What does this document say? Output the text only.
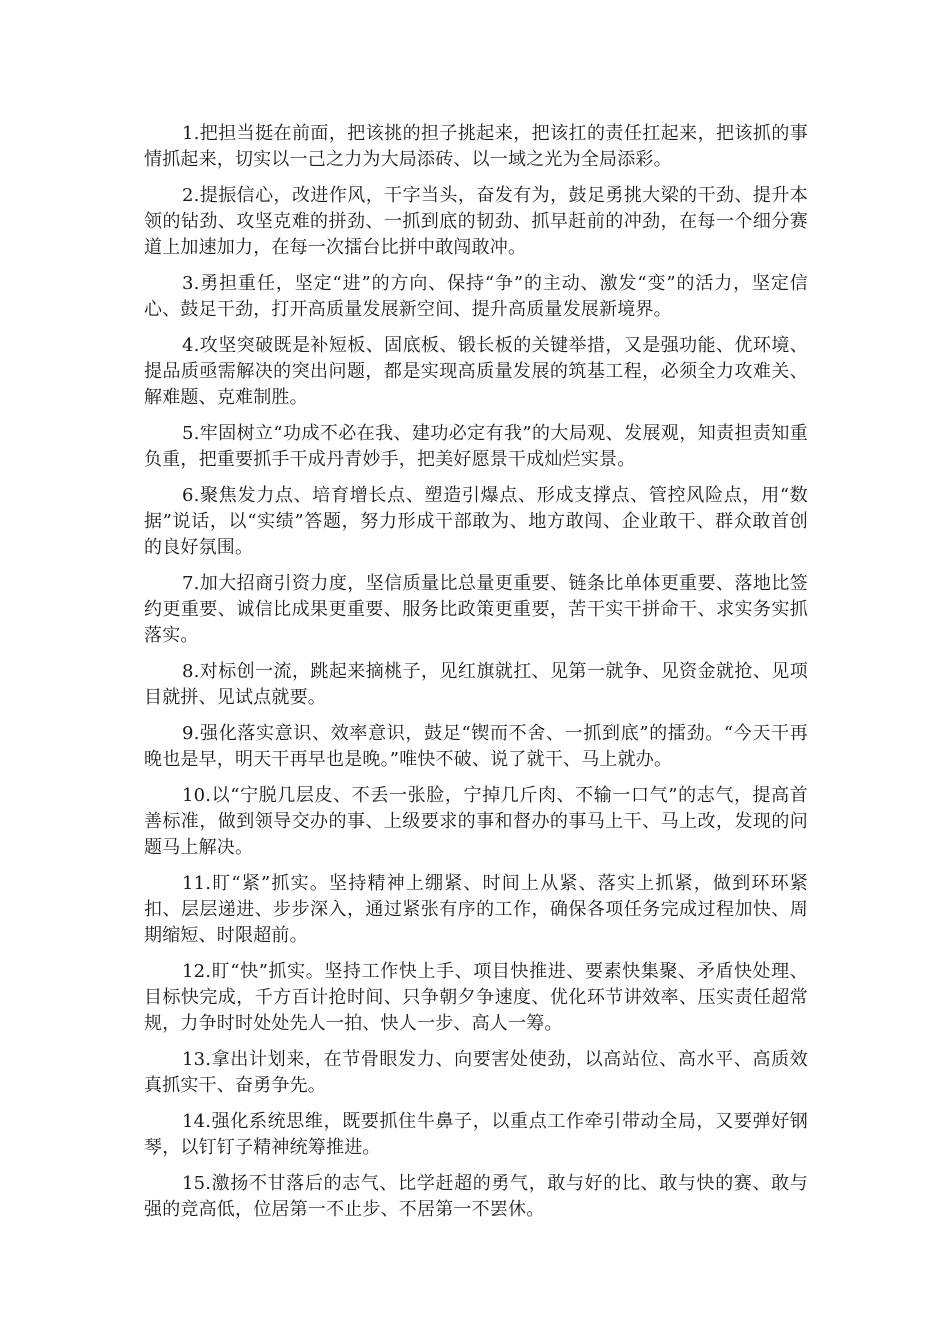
1.把担当挺在前面，把该挑的担子挑起来，把该扛的责任扛起来，把该抓的事情抓起来，切实以一己之力为大局添砖、以一域之光为全局添彩。

2.提振信心，改进作风，干字当头，奋发有为，鼓足勇挑大梁的干劲、提升本领的钻劲、攻坚克难的拼劲、一抓到底的韧劲、抓早赶前的冲劲，在每一个细分赛道上加速加力，在每一次擂台比拼中敢闯敢冲。

3.勇担重任，坚定“进”的方向、保持“争”的主动、激发“变”的活力，坚定信心、鼓足干劲，打开高质量发展新空间、提升高质量发展新境界。

4.攻坚突破既是补短板、固底板、锻长板的关键举措，又是强功能、优环境、提品质亟需解决的突出问题，都是实现高质量发展的筑基工程，必须全力攻难关、解难题、克难制胜。

5.牢固树立“功成不必在我、建功必定有我”的大局观、发展观，知责担责知重负重，把重要抓手干成丹青妙手，把美好愿景干成灿烂实景。

6.聚焦发力点、培育增长点、塑造引爆点、形成支撑点、管控风险点，用“数据”说话，以“实绩”答题，努力形成干部敢为、地方敢闯、企业敢干、群众敢首创的良好氛围。

7.加大招商引资力度，坚信质量比总量更重要、链条比单体更重要、落地比签约更重要、诚信比成果更重要、服务比政策更重要，苦干实干拼命干、求实务实抓落实。

8.对标创一流，跳起来摘桃子，见红旗就扛、见第一就争、见资金就抢、见项目就拼、见试点就要。

9.强化落实意识、效率意识，鼓足“锲而不舍、一抓到底”的擂劲。“今天干再晚也是早，明天干再早也是晚。”唯快不破、说了就干、马上就办。

10.以“宁脱几层皮、不丢一张脸，宁掉几斤肉、不输一口气”的志气，提高首善标准，做到领导交办的事、上级要求的事和督办的事马上干、马上改，发现的问题马上解决。

11.盯“紧”抓实。坚持精神上绷紧、时间上从紧、落实上抓紧，做到环环紧扣、层层递进、步步深入，通过紧张有序的工作，确保各项任务完成过程加快、周期缩短、时限超前。

12.盯“快”抓实。坚持工作快上手、项目快推进、要素快集聚、矛盾快处理、目标快完成，千方百计抢时间、只争朝夕争速度、优化环节讲效率、压实责任超常规，力争时时处处先人一拍、快人一步、高人一筹。

13.拿出计划来，在节骨眼发力、向要害处使劲，以高站位、高水平、高质效真抓实干、奋勇争先。

14.强化系统思维，既要抓住牛鼻子，以重点工作牵引带动全局，又要弹好钢琴，以钉钉子精神统筹推进。

15.激扬不甘落后的志气、比学赶超的勇气，敢与好的比、敢与快的赛、敢与强的竞高低，位居第一不止步、不居第一不罢休。
